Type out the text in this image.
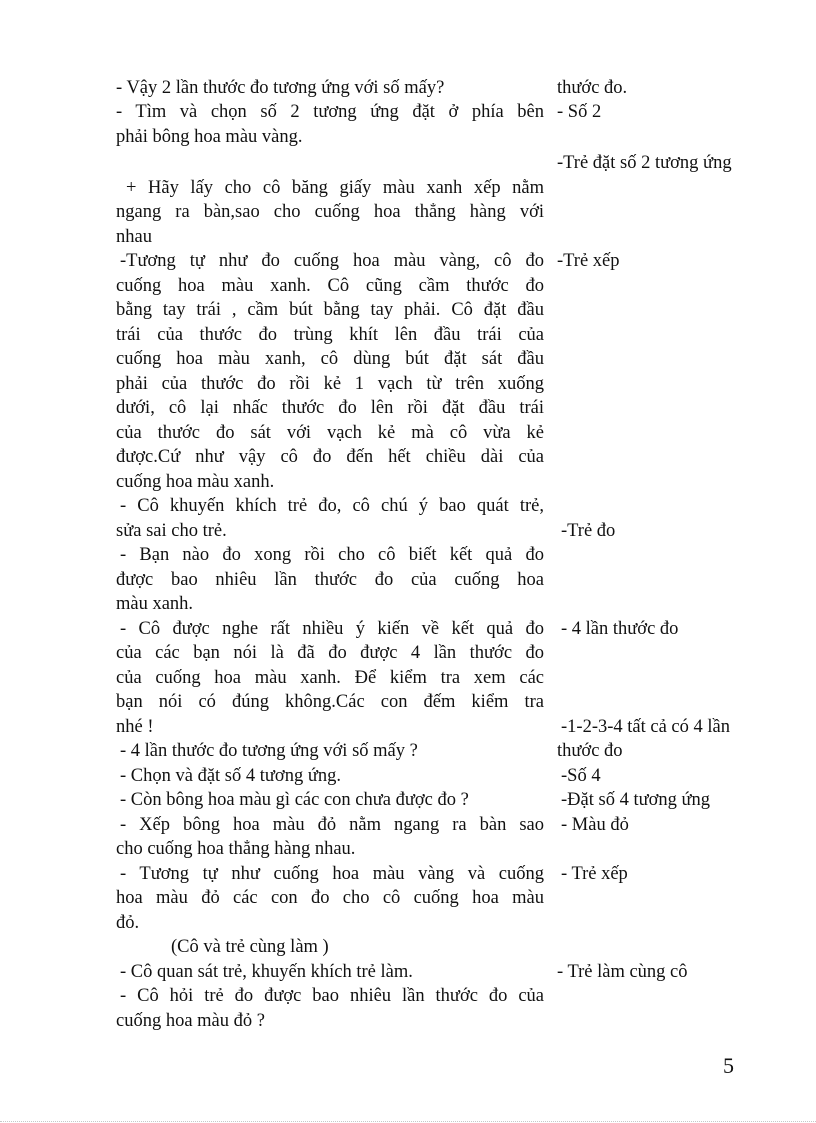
- Vậy 2 lần thước đo tương ứng với số mấy?
- Tìm và chọn số 2 tương ứng đặt ở phía bên
phải bông hoa màu vàng.
+ Hãy lấy cho cô băng giấy màu xanh xếp nằm
ngang ra bàn,sao cho cuống hoa thẳng hàng với
nhau
-Tương tự như đo cuống hoa màu vàng, cô đo
cuống hoa màu xanh. Cô cũng cầm thước đo
bằng tay trái , cầm bút bằng tay phải. Cô đặt đầu
trái của thước đo trùng khít lên đầu trái của
cuống hoa màu xanh, cô dùng bút đặt sát đầu
phải của thước đo rồi kẻ 1 vạch từ trên xuống
dưới, cô lại nhấc thước đo lên rồi đặt đầu trái
của thước đo sát với vạch kẻ mà cô vừa kẻ
được.Cứ như vậy cô đo đến hết chiều dài của
cuống hoa màu xanh.
- Cô khuyến khích trẻ đo, cô chú ý bao quát trẻ,
sửa sai cho trẻ.
- Bạn nào đo xong rồi cho cô biết kết quả đo
được bao nhiêu lần thước đo của cuống hoa
màu xanh.
- Cô được nghe rất nhiều ý kiến về kết quả đo
của các bạn nói là đã đo được 4 lần thước đo
của cuống hoa màu xanh. Để kiểm tra xem các
bạn nói có đúng không.Các con đếm kiểm tra
nhé !
- 4 lần thước đo tương ứng với số mấy ?
- Chọn và đặt số 4 tương ứng.
- Còn bông hoa màu gì các con chưa được đo ?
- Xếp bông hoa màu đỏ nằm ngang ra bàn sao
cho cuống hoa thẳng hàng nhau.
- Tương tự như cuống hoa màu vàng và cuống
hoa màu đỏ các con đo cho cô cuống hoa màu
đỏ.
(Cô và trẻ cùng làm )
- Cô quan sát trẻ, khuyến khích trẻ làm.
- Cô hỏi trẻ đo được bao nhiêu lần thước đo của
cuống hoa màu đỏ ?
thước đo.
- Số 2
-Trẻ đặt số 2 tương ứng
-Trẻ xếp
-Trẻ đo
- 4 lần thước đo
-1-2-3-4 tất cả có 4 lần
thước đo
-Số 4
-Đặt số 4 tương ứng
- Màu đỏ
- Trẻ xếp
- Trẻ làm cùng cô
5
